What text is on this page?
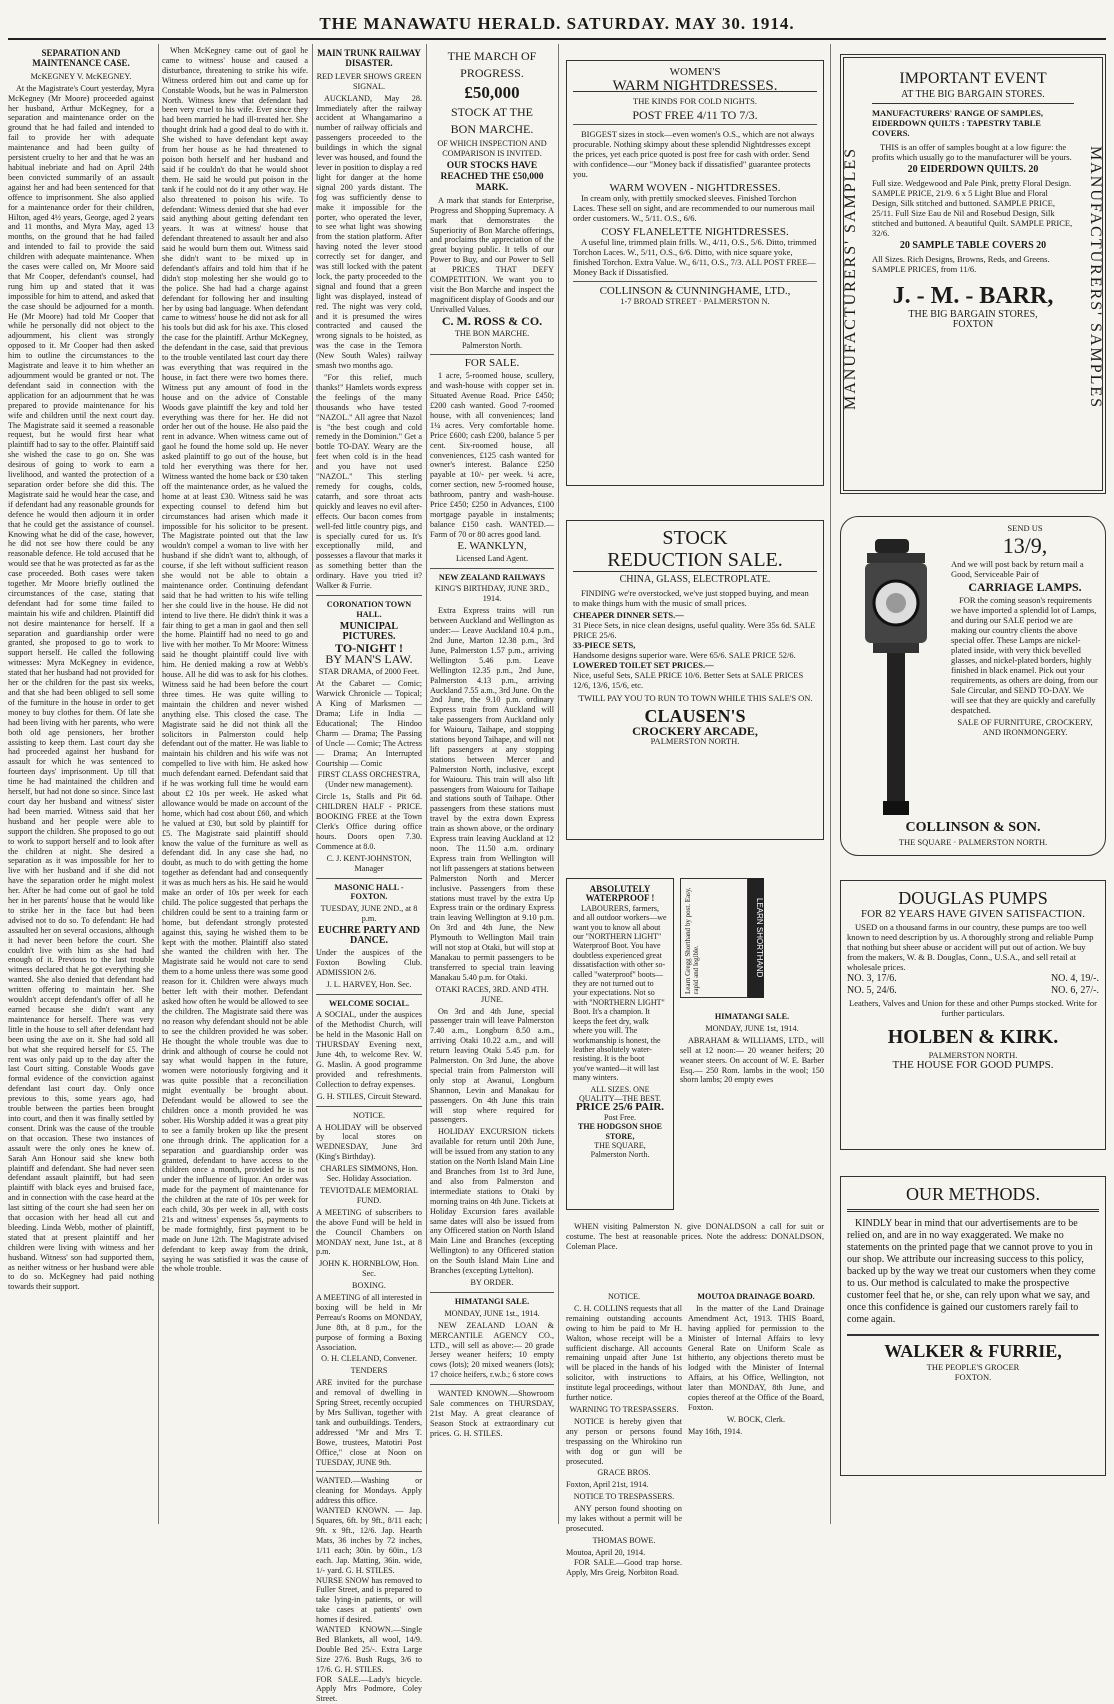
THE MANAWATU HERALD. SATURDAY. MAY 30. 1914.
SEPARATION AND MAINTENANCE CASE.
McKEGNEY V. McKEGNEY.

At the Magistrate's Court yesterday, Myra McKegney (Mr Moore) proceeded against her husband, Arthur McKegney, for a separation and maintenance order on the ground that he had failed and intended to fail to provide her with adequate maintenance and had been guilty of persistent cruelty to her and that he was an habitual inebriate and had on April 24th been convicted summarily of an assault against her and had been sentenced for that offence to imprisonment. She also applied for a maintenance order for their children, Hilton, aged 4½ years, George, aged 2 years and 11 months, and Myra May, aged 13 months, on the ground that he had failed and intended to fail to provide the said children with adequate maintenance. When the cases were called on, Mr Moore said that Mr Cooper, defendant's counsel, had rung him up and stated that it was impossible for him to attend, and asked that the case should be adjourned for a month. He (Mr Moore) had told Mr Cooper that while he personally did not object to the adjournment, his client was strongly opposed to it. Mr Cooper had then asked him to outline the circumstances to the Magistrate and leave it to him whether an adjournment would be granted or not. The defendant said in connection with the application for an adjournment that he was prepared to provide maintenance for his wife and children until the next court day. The Magistrate said it seemed a reasonable request, but he would first hear what plaintiff had to say to the offer. Plaintiff said she wished the case to go on. She was desirous of going to work to earn a livelihood, and wanted the protection of a separation order before she did this. The Magistrate said he would hear the case, and if defendant had any reasonable grounds for defence he would then adjourn it in order that he could get the assistance of counsel. Knowing what he did of the case, however, he did not see how there could be any reasonable defence. He told accused that he would see that he was protected as far as the case proceeded. Both cases were taken together. Mr Moore briefly outlined the circumstances of the case, stating that defendant had for some time failed to maintain his wife and children. Plaintiff did not desire maintenance for herself. If a separation and guardianship order were granted, she proposed to go to work to support herself. He called the following witnesses: Myra McKegney in evidence, stated that her husband had not provided for her or the children for the past six weeks, and that she had been obliged to sell some of the furniture in the house in order to get money to buy clothes for them. Of late she had been living with her parents, who were both old age pensioners, her brother assisting to keep them. Last court day she had proceeded against her husband for assault for which he was sentenced to fourteen days' imprisonment. Up till that time he had maintained the children and herself, but had not done so since. Since last court day her husband and witness' sister had been married. Witness said that her husband and her people were able to support the children. She proposed to go out to work to support herself and to look after the children at night. She desired a separation as it was impossible for her to live with her husband and if she did not have the separation order he might molest her. After he had come out of gaol he told her in her parents' house that he would like to strike her in the face but had been advised not to do so. To defendant: He had assaulted her on several occasions, although it had never been before the court. She couldn't live with him as she had had enough of it. Previous to the last trouble witness declared that he got everything she wanted. She also denied that defendant had written offering to maintain her. She wouldn't accept defendant's offer of all he earned because she didn't want any maintenance for herself. There was very little in the house to sell after defendant had been using the axe on it. She had sold all but what she required herself for £5. The rent was only paid up to the day after the last Court sitting. Constable Woods gave formal evidence of the conviction against defendant last court day. Only once previous to this, some years ago, had trouble between the parties been brought into court, and then it was finally settled by consent. Drink was the cause of the trouble on that occasion. These two instances of assault were the only ones he knew of. Sarah Ann Honour said she knew both plaintiff and defendant. She had never seen defendant assault plaintiff, but had seen plaintiff with black eyes and bruised face, and in connection with the case heard at the last sitting of the court she had seen her on that occasion with her head all cut and bleeding. Linda Webb, mother of plaintiff, stated that at present plaintiff and her children were living with witness and her husband. Witness' son had supported them, as neither witness or her husband were able to do so. McKegney had paid nothing towards their support.

When McKegney came out of gaol he came to witness' house and caused a disturbance, threatening to strike his wife. Witness ordered him out and came up for Constable Woods, but he was in Palmerston North. Witness knew that defendant had been very cruel to his wife. Ever since they had been married he had ill-treated her. She thought drink had a good deal to do with it. She wished to have defendant kept away from her house as he had threatened to poison both herself and her husband and said if he couldn't do that he would shoot them. He said he would put poison in the tank if he could not do it any other way. He also threatened to poison his wife. To defendant: Witness denied that she had ever said anything about getting defendant ten years. It was at witness' house that defendant threatened to assault her and also said he would burn them out. Witness said she didn't want to be mixed up in defendant's affairs and told him that if he didn't stop molesting her she would go to the police. She had had a charge against defendant for following her and insulting her by using bad language. When defendant came to witness' house he did not ask for all his tools but did ask for his axe. This closed the case for the plaintiff. Arthur McKegney, the defendant in the case, said that previous to the trouble ventilated last court day there was everything that was required in the house, in fact there were two homes there. Witness put any amount of food in the house and on the advice of Constable Woods gave plaintiff the key and told her everything was there for her. He did not order her out of the house. He also paid the rent in advance. When witness came out of gaol he found the home sold up. He never asked plaintiff to go out of the house, but told her everything was there for her. Witness wanted the home back or £30 taken off the maintenance order, as he valued the home at at least £30. Witness said he was expecting counsel to defend him but circumstances had arisen which made it impossible for his solicitor to be present. The Magistrate pointed out that the law wouldn't compel a woman to live with her husband if she didn't want to, although, of course, if she left without sufficient reason she would not be able to obtain a maintenance order. Continuing defendant said that he had written to his wife telling her she could live in the house. He did not intend to live there. He didn't think it was a fair thing to get a man in gaol and then sell the home. Plaintiff had no need to go and live with her mother. To Mr Moore: Witness said he thought plaintiff could live with him. He denied making a row at Webb's house. All he did was to ask for his clothes. Witness said he had been before the court three times. He was quite willing to maintain the children and never wished anything else. This closed the case. The Magistrate said he did not think all the solicitors in Palmerston could help defendant out of the matter. He was liable to maintain his children and his wife was not compelled to live with him. He asked how much defendant earned. Defendant said that if he was working full time he would earn about £2 10s per week. He asked what allowance would be made on account of the home, which had cost about £60, and which he valued at £30, but sold by plaintiff for £5. The Magistrate said plaintiff should know the value of the furniture as well as defendant did. In any case she had, no doubt, as much to do with getting the home together as defendant had and consequently it was as much hers as his. He said he would make an order of 10s per week for each child. The police suggested that perhaps the children could be sent to a training farm or home, but defendant strongly protested against this, saying he wished them to be kept with the mother. Plaintiff also stated she wanted the children with her. The Magistrate said he would not care to send them to a home unless there was some good reason for it. Children were always much better left with their mother. Defendant asked how often he would be allowed to see the children. The Magistrate said there was no reason why defendant should not be able to see the children provided he was sober. He thought the whole trouble was due to drink and although of course he could not say what would happen in the future, women were notoriously forgiving and it was quite possible that a reconciliation might eventually be brought about. Defendant would be allowed to see the children once a month provided he was sober. His Worship added it was a great pity to see a family broken up like the present one through drink. The application for a separation and guardianship order was granted, defendant to have access to the children once a month, provided he is not under the influence of liquor. An order was made for the payment of maintenance for the children at the rate of 10s per week for each child, 30s per week in all, with costs 21s and witness' expenses 5s, payments to be made fortnightly, first payment to be made on June 12th. The Magistrate advised defendant to keep away from the drink, saying he was satisfied it was the cause of the whole trouble.

MAIN TRUNK RAILWAY DISASTER.
RED LEVER SHOWS GREEN SIGNAL.

AUCKLAND, May 28. Immediately after the railway accident at Whangamarino a number of railway officials and passengers proceeded to the buildings in which the signal lever was housed, and found the lever in position to display a red light for danger at the home signal 200 yards distant. The fog was sufficiently dense to make it impossible for the porter, who operated the lever, to see what light was showing from the station platform. After having noted the lever stood correctly set for danger, and was still locked with the patent lock, the party proceeded to the signal and found that a green light was displayed, instead of red. The night was very cold, and it is presumed the wires contracted and caused the wrong signals to be hoisted, as was the case in the Temora (New South Wales) railway smash two months ago.

"For this relief, much thanks!" Hamlets words express the feelings of the many thousands who have tested "NAZOL." All agree that Nazol is "the best cough and cold remedy in the Dominion." Get a bottle TO-DAY. Weary are the feet when cold is in the head and you have not used "NAZOL." This sterling remedy for coughs, colds, catarrh, and sore throat acts quickly and leaves no evil after-effects. Our bacon comes from well-fed little country pigs, and is specially cured for us. It's exceptionally mild, and possesses a flavour that marks it as something better than the ordinary. Have you tried it? Walker & Furrie.

CORONATION TOWN HALL.
MUNICIPAL PICTURES.
TO-NIGHT !
BY MAN'S LAW.
STAR DRAMA, of 2000 Feet.
At the Cabaret — Comic; Warwick Chronicle — Topical; A King of Marksmen — Drama; Life in India — Educational; The Hindoo Charm — Drama; The Passing of Uncle — Comic; The Actress — Drama; An Interrupted Courtship — Comic
FIRST CLASS ORCHESTRA, (Under new management).
Circle 1s, Stalls and Pit 6d. CHILDREN HALF - PRICE. BOOKING FREE at the Town Clerk's Office during office hours. Doors open 7.30. Commence at 8.0.
C. J. KENT-JOHNSTON, Manager
MASONIC HALL - FOXTON.
TUESDAY, JUNE 2ND., at 8 p.m.
EUCHRE PARTY AND DANCE.
Under the auspices of the Foxton Bowling Club. ADMISSION 2/6.
J. L. HARVEY, Hon. Sec.
WELCOME SOCIAL.
A SOCIAL, under the auspices of the Methodist Church, will be held in the Masonic Hall on THURSDAY Evening next, June 4th, to welcome Rev. W. G. Maslin. A good programme provided and refreshments. Collection to defray expenses.
G. H. STILES, Circuit Steward.
NOTICE.
A HOLIDAY will be observed by local stores on WEDNESDAY, June 3rd (King's Birthday).
CHARLES SIMMONS, Hon. Sec. Holiday Association.
TEVIOTDALE MEMORIAL FUND.
A MEETING of subscribers to the above Fund will be held in the Council Chambers on MONDAY next, June 1st., at 8 p.m.
JOHN K. HORNBLOW, Hon. Sec.
BOXING.
A MEETING of all interested in boxing will be held in Mr Perreau's Rooms on MONDAY, June 8th, at 8 p.m., for the purpose of forming a Boxing Association.
O. H. CLELAND, Convener.
TENDERS
ARE invited for the purchase and removal of dwelling in Spring Street, recently occupied by Mrs Sullivan, together with tank and outbuildings. Tenders, addressed "Mr and Mrs T. Bowe, trustees, Matotiri Post Office," close at Noon on TUESDAY, JUNE 9th.
WANTED.—Washing or cleaning for Mondays. Apply address this office.
WANTED KNOWN. — Jap. Squares, 6ft. by 9ft., 8/11 each; 9ft. x 9ft., 12/6. Jap. Hearth Mats, 36 inches by 72 inches, 1/11 each; 30in. by 60in., 1/3 each. Jap. Matting, 36in. wide, 1/- yard. G. H. STILES.
NURSE SNOW has removed to Fuller Street, and is prepared to take lying-in patients, or will take cases at patients' own homes if desired.
WANTED KNOWN.—Single Bed Blankets, all wool, 14/9. Double Bed 25/-. Extra Large Size 27/6. Bush Rugs, 3/6 to 17/6. G. H. STILES.
FOR SALE.—Lady's bicycle. Apply Mrs Podmore, Coley Street.
THE MARCH OF
PROGRESS.
£50,000
STOCK AT THE
BON MARCHE.
OF WHICH INSPECTION AND COMPARISON IS INVITED.
OUR STOCKS HAVE REACHED THE £50,000 MARK.

A mark that stands for Enterprise, Progress and Shopping Supremacy. A mark that demonstrates the Superiority of Bon Marche offerings, and proclaims the appreciation of the great buying public. It tells of our Power to Buy, and our Power to Sell at PRICES THAT DEFY COMPETITION. We want you to visit the Bon Marche and inspect the magnificent display of Goods and our Unrivalled Values.

C. M. ROSS & CO.
THE BON MARCHE.
Palmerston North.
FOR SALE.

1 acre, 5-roomed house, scullery, and wash-house with copper set in. Situated Avenue Road. Price £450; £200 cash wanted. Good 7-roomed house, with all conveniences; land 1¼ acres. Very comfortable home. Price £600; cash £200, balance 5 per cent. Six-roomed house, all conveniences, £125 cash wanted for owner's interest. Balance £250 payable at 10/- per week. ¼ acre, corner section, new 5-roomed house, bathroom, pantry and wash-house. Price £450; £250 in Advances, £100 mortgage payable in instalments; balance £150 cash. WANTED.—Farm of 70 or 80 acres good land.

E. WANKLYN,
Licensed Land Agent.
NEW ZEALAND RAILWAYS
KING'S BIRTHDAY, JUNE 3RD., 1914.

Extra Express trains will run between Auckland and Wellington as under:— Leave Auckland 10.4 p.m., 2nd June, Marton 12.38 p.m., 3rd June, Palmerston 1.57 p.m., arriving Wellington 5.46 p.m. Leave Wellington 12.35 p.m., 2nd June, Palmerston 4.13 p.m., arriving Auckland 7.55 a.m., 3rd June. On the 2nd June, the 9.10 p.m. ordinary Express train from Auckland will take passengers from Auckland only for Waiouru, Taihape, and stopping stations beyond Taihape, and will not lift passengers at any stopping stations between Mercer and Palmerston North, inclusive, except for Waiouru. This train will also lift passengers from Waiouru for Taihape and stations south of Taihape. Other passengers from these stations must travel by the extra down Express train as shown above, or the ordinary Express train leaving Auckland at 12 noon. The 11.50 a.m. ordinary Express train from Wellington will not lift passengers at stations between Palmerston North and Mercer inclusive. Passengers from these stations must travel by the extra Up Express train or the ordinary Express train leaving Wellington at 9.10 p.m. On 3rd and 4th June, the New Plymouth to Wellington Mail train will not stop at Otaki, but will stop at Manakau to permit passengers to be transferred to special train leaving Manakau 5.40 p.m. for Otaki.

OTAKI RACES, 3RD. AND 4TH. JUNE.

On 3rd and 4th June, special passenger train will leave Palmerston 7.40 a.m., Longburn 8.50 a.m., arriving Otaki 10.22 a.m., and will return leaving Otaki 5.45 p.m. for Palmerston. On 3rd June, the above special train from Palmerston will only stop at Awanui, Longburn Shannon, Levin and Manakau for passengers. On 4th June this train will stop where required for passengers.

HOLIDAY EXCURSION tickets available for return until 20th June, will be issued from any station to any station on the North Island Main Line and Branches from 1st to 3rd June, and also from Palmerston and intermediate stations to Otaki by morning trains on 4th June. Tickets at Holiday Excursion fares available same dates will also be issued from any Officered station on North Island Main Line and Branches (excepting Wellington) to any Officered station on the South Island Main Line and Branches (excepting Lyttelton).

BY ORDER.
HIMATANGI SALE.
MONDAY, JUNE 1st., 1914.

NEW ZEALAND LOAN & MERCANTILE AGENCY CO., LTD., will sell as above:— 20 grade Jersey weaner heifers; 10 empty cows (lots); 20 mixed weaners (lots); 17 choice heifers, r.w.b.; 6 store cows

WANTED KNOWN.—Showroom Sale commences on THURSDAY, 21st May. A great clearance of Season Stock at extraordinary cut prices. G. H. STILES.

WOMEN'S
WARM NIGHTDRESSES.
THE KINDS FOR COLD NIGHTS.
POST FREE 4/11 TO 7/3.

BIGGEST sizes in stock—even women's O.S., which are not always procurable. Nothing skimpy about these splendid Nightdresses except the prices, yet each price quoted is post free for cash with order. Send with confidence—our "Money back if dissatisfied" guarantee protects you.

WARM WOVEN - NIGHTDRESSES.

In cream only, with prettily smocked sleeves. Finished Torchon Laces. These sell on sight, and are recommended to our numerous mail order customers. W., 5/11. O.S., 6/6.

COSY FLANELETTE NIGHTDRESSES.

A useful line, trimmed plain frills. W., 4/11, O.S., 5/6. Ditto, trimmed Torchon Laces. W., 5/11, O.S., 6/6. Ditto, with nice square yoke, finished Torchon. Extra Value. W., 6/11, O.S., 7/3. ALL POST FREE—Money Back if Dissatisfied.

COLLINSON & CUNNINGHAME, LTD.,
1-7 BROAD STREET · PALMERSTON N.
STOCK
REDUCTION SALE.
CHINA, GLASS, ELECTROPLATE.

FINDING we're overstocked, we've just stopped buying, and mean to make things hum with the music of small prices.

CHEAPER DINNER SETS.—
31 Piece Sets, in nice clean designs, useful quality. Were 35s 6d. SALE PRICE 25/6.
33-PIECE SETS,
Handsome designs superior ware. Were 65/6. SALE PRICE 52/6.
LOWERED TOILET SET PRICES.—
Nice, useful Sets, SALE PRICE 10/6. Better Sets at SALE PRICES 12/6, 13/6, 15/6, etc.
'TWILL PAY YOU TO RUN TO TOWN WHILE THIS SALE'S ON.
CLAUSEN'S
CROCKERY ARCADE,
PALMERSTON NORTH.
ABSOLUTELY WATERPROOF !

LABOURERS, farmers, and all outdoor workers—we want you to know all about our "NORTHERN LIGHT" Waterproof Boot. You have doubtless experienced great dissatisfaction with other so-called "waterproof" boots—they are not turned out to your expectations. Not so with "NORTHERN LIGHT" Boot. It's a champion. It keeps the feet dry, walk where you will. The workmanship is honest, the leather absolutely water-resisting. It is the boot you've wanted—it will last many winters.

ALL SIZES. ONE QUALITY—THE BEST.
PRICE 25/6 PAIR.
Post Free.
THE HODGSON SHOE STORE,
THE SQUARE,
Palmerston North.
Learn Gregg Shorthand by post. Easy, rapid and legible.	LEARN SHORTHAND
HIMATANGI SALE.
MONDAY, JUNE 1st, 1914.

ABRAHAM & WILLIAMS, LTD., will sell at 12 noon:— 20 weaner heifers; 20 weaner steers. On account of W. E. Barber Esq.— 250 Rom. lambs in the wool; 150 shorn lambs; 20 empty ewes

WHEN visiting Palmerston N. give DONALDSON a call for suit or costume. The best at reasonable prices. Note the address: DONALDSON, Coleman Place.

MOUTOA DRAINAGE BOARD.

In the matter of the Land Drainage Amendment Act, 1913. THIS Board, having applied for permission to the Minister of Internal Affairs to levy General Rate on Uniform Scale as hitherto, any objections thereto must be lodged with the Minister of Internal Affairs, at his Office, Wellington, not later than MONDAY, 8th June, and copies thereof at the Office of the Board, Foxton.

W. BOCK, Clerk.
May 16th, 1914.
NOTICE.

C. H. COLLINS requests that all remaining outstanding accounts owing to him be paid to Mr H. Walton, whose receipt will be a sufficient discharge. All accounts remaining unpaid after June 1st will be placed in the hands of his solicitor, with instructions to institute legal proceedings, without further notice.

WARNING TO TRESPASSERS.

NOTICE is hereby given that any person or persons found trespassing on the Whirokino run with dog or gun will be prosecuted.

GRACE BROS.
Foxton, April 21st, 1914.
NOTICE TO TRESPASSERS.

ANY person found shooting on my lakes without a permit will be prosecuted.

THOMAS BOWE.
Moutoa, April 20, 1914.

FOR SALE.—Good trap horse. Apply, Mrs Greig, Norbiton Road.

MANUFACTURERS' SAMPLES	MANUFACTURERS' SAMPLES
IMPORTANT EVENT
AT THE BIG BARGAIN STORES.
MANUFACTURERS' RANGE OF SAMPLES, EIDERDOWN QUILTS : TAPESTRY TABLE COVERS.

THIS is an offer of samples bought at a low figure: the profits which usually go to the manufacturer will be yours.

20 EIDERDOWN QUILTS. 20
Full size. Wedgewood and Pale Pink, pretty Floral Design. SAMPLE PRICE, 21/9. 6 x 5 Light Blue and Floral Design, Silk stitched and buttoned. SAMPLE PRICE, 25/11. Full Size Eau de Nil and Rosebud Design, Silk stitched and buttoned. A beautiful Quilt. SAMPLE PRICE, 32/6.
20 SAMPLE TABLE COVERS 20
All Sizes. Rich Designs, Browns, Reds, and Greens. SAMPLE PRICES, from 11/6.
J. - M. - BARR,
THE BIG BARGAIN STORES,
FOXTON
SEND US
13/9,
And we will post back by return mail a Good, Serviceable Pair of
CARRIAGE LAMPS.

FOR the coming season's requirements we have imported a splendid lot of Lamps, and during our SALE period we are making our country clients the above special offer. These Lamps are nickel-plated inside, with very thick bevelled glasses, and nickel-plated borders, highly finished in black enamel. Pick out your requirements, as others are doing, from our Sale Circular, and SEND TO-DAY. We will see that they are quickly and carefully despatched.

SALE OF FURNITURE, CROCKERY, AND IRONMONGERY.
COLLINSON & SON.
THE SQUARE · PALMERSTON NORTH.
DOUGLAS PUMPS
FOR 82 YEARS HAVE GIVEN SATISFACTION.

USED on a thousand farms in our country, these pumps are too well known to need description by us. A thoroughly strong and reliable Pump that nothing but sheer abuse or accident will put out of action. We buy from the makers, W. & B. Douglas, Conn., U.S.A., and sell retail at wholesale prices.

NO. 3, 17/6.	NO. 4, 19/-.
NO. 5, 24/6.	NO. 6, 27/-.
Leathers, Valves and Union for these and other Pumps stocked. Write for further particulars.
HOLBEN & KIRK.
PALMERSTON NORTH.
THE HOUSE FOR GOOD PUMPS.
OUR METHODS.

KINDLY bear in mind that our advertisements are to be relied on, and are in no way exaggerated. We make no statements on the printed page that we cannot prove to you in our shop. We attribute our increasing success to this policy, backed up by the way we treat our customers when they come to us. Our method is calculated to make the prospective customer feel that he, or she, can rely upon what we say, and once this confidence is gained our customers rarely fail to come again.

WALKER & FURRIE,
THE PEOPLE'S GROCER
FOXTON.
